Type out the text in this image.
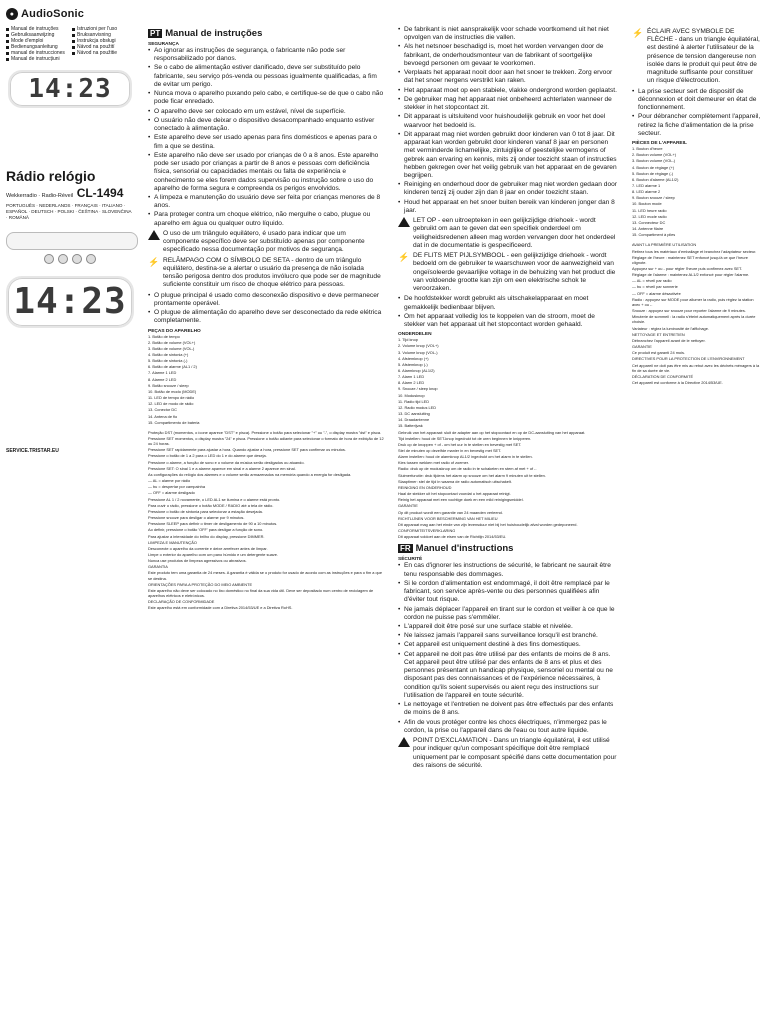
● AudioSonic
Manual de instruções
Gebruiksaanwijzing
Mode d'emploi
Bedienungsanleitung
manual de instrucciones
Manual de instrucțiuni
Istruzioni per l'uso
Bruksanvisning
Instrukcja obsługi
Návod na použití
Návod na použitie
14:23
Rádio relógio
Wekkerradio · Radio-Réveil CL-1494
PORTUGUÊS · NEDERLANDS · FRANÇAIS · ITALIANO · ESPAÑOL · DEUTSCH · POLSKI · ČEŠTINA · SLOVENČINA · ROMÂNĂ
14:23
SERVICE.TRISTAR.EU
PT Manual de instruções
SEGURANÇA

• Ao ignorar as instruções de segurança, o fabricante não pode ser responsabilizado por danos.

• Se o cabo de alimentação estiver danificado, deve ser substituído pelo fabricante, seu serviço pós-venda ou pessoas igualmente qualificadas, a fim de evitar um perigo.

• Nunca mova o aparelho puxando pelo cabo, e certifique-se de que o cabo não pode ficar enredado.

• O aparelho deve ser colocado em um estável, nível de superfície.

• O usuário não deve deixar o dispositivo desacompanhado enquanto estiver conectado à alimentação.

• Este aparelho deve ser usado apenas para fins domésticos e apenas para o fim a que se destina.

• Este aparelho não deve ser usado por crianças de 0 a 8 anos. Este aparelho pode ser usado por crianças a partir de 8 anos e pessoas com deficiência física, sensorial ou capacidades mentais ou falta de experiência e conhecimento se eles forem dados supervisão ou instrução sobre o uso do aparelho de forma segura e compreenda os perigos envolvidos.

• A limpeza e manutenção do usuário deve ser feita por crianças menores de 8 anos.

• Para proteger contra um choque elétrico, não mergulhe o cabo, plugue ou aparelho em água ou qualquer outro líquido.

O uso de um triângulo equilátero, é usado para indicar que um componente específico deve ser substituído apenas por componente especificado nessa documentação por motivos de segurança.
⚡ RELÂMPAGO COM O SÍMBOLO DE SETA - dentro de um triângulo equilátero, destina-se a alertar o usuário da presença de não isolada tensão perigosa dentro dos produtos invólucro que pode ser de magnitude suficiente constituir um risco de choque elétrico para pessoas.

• O plugue principal é usado como desconexão dispositivo e deve permanecer prontamente operável.

• O plugue de alimentação do aparelho deve ser desconectado da rede elétrica completamente.

PEÇAS DO APARELHO

1. Botão de tempo

2. Botão de volume (VOL+)

3. Botão de volume (VOL-)

4. Botão de sintonia (+)

5. Botão de sintonia (-)

6. Botão de alarme (AL1 / 2)

7. Alarme 1 LED

8. Alarme 2 LED

9. Botão snooze / sleep

10. Botão de modo (MODE)

11. LED de tempo de rádio

12. LED de modo de rádio

13. Conector DC

14. Antena de fio

15. Compartimento de bateria

Proteção DST (momentos, o ícone aparece "DST" e pisca). Pressione o botão para selecionar "+" ou "-", o display mostra "dst" e pisca.

Pressione SET momentos, o display mostra "24" e pisca. Pressione o botão adiante para selecionar o formato de hora de exibição de 12 ou 24 horas.

Pressione SET rapidamente para ajustar a hora. Quando ajustar a hora, pressione SET para confirmar os minutos.

Pressione o botão de 1 a 2 para o LED do 1 e do alarme que deseja.

Pressione o alarme, a função de sono e o volume da música serão desligados ou atuando.

Pressione SET: O sinal 1 e a alarme aparece em sinal e a alarme 2 aparece em sinal.

As configurações do relógio dos alarmes e o volume serão armazenados na memória quando a energia for desligada.

— AL = alarme por rádio

— bu = despertar por campainha

— OFF = alarme desligado

Pressione AL 1 / 2 novamente, o LED AL1 se ilumina e o alarme está pronto.

Para ouvir o rádio, pressione o botão MODE / RADIO até a tela de rádio.

Pressione o botão de sintonia para selecionar a estação desejada.

Pressione snooze para desligar o alarme por 9 minutos.

Pressione SLEEP para definir o timer de desligamento de 90 a 10 minutos.

Ao definir, pressione o botão 'OFF' para desligar a função de sono.

Para ajustar a intensidade do brilho do display, pressione DIMMER.

LIMPEZA E MANUTENÇÃO

Desconecte o aparelho da corrente e deixe arrefecer antes de limpar.

Limpe o exterior do aparelho com um pano húmido e um detergente suave.

Nunca use produtos de limpeza agressivos ou abrasivos.

GARANTIA

Este produto tem uma garantia de 24 meses. A garantia é válida se o produto for usado de acordo com as instruções e para o fim a que se destina.

ORIENTAÇÕES PARA A PROTEÇÃO DO MEIO AMBIENTE

Este aparelho não deve ser colocado no lixo doméstico no final da sua vida útil. Deve ser depositado num centro de reciclagem de aparelhos elétricos e eletrónicos.

DECLARAÇÃO DE CONFORMIDADE

Este aparelho está em conformidade com a Diretiva 2014/53/UE e a Diretiva RoHS.

• De fabrikant is niet aansprakelijk voor schade voortkomend uit het niet opvolgen van de instructies die vallen.

• Als het netsnoer beschadigd is, moet het worden vervangen door de fabrikant, de onderhoudsmonteur van de fabrikant of soortgelijke bevoegd personen om gevaar te voorkomen.

• Verplaats het apparaat nooit door aan het snoer te trekken. Zorg ervoor dat het snoer nergens verstrikt kan raken.

• Het apparaat moet op een stabiele, vlakke ondergrond worden geplaatst.

• De gebruiker mag het apparaat niet onbeheerd achterlaten wanneer de stekker in het stopcontact zit.

• Dit apparaat is uitsluitend voor huishoudelijk gebruik en voor het doel waarvoor het bedoeld is.

• Dit apparaat mag niet worden gebruikt door kinderen van 0 tot 8 jaar. Dit apparaat kan worden gebruikt door kinderen vanaf 8 jaar en personen met verminderde lichamelijke, zintuiglijke of geestelijke vermogens of gebrek aan ervaring en kennis, mits zij onder toezicht staan of instructies hebben gekregen over het veilig gebruik van het apparaat en de gevaren begrijpen.

• Reiniging en onderhoud door de gebruiker mag niet worden gedaan door kinderen tenzij zij ouder zijn dan 8 jaar en onder toezicht staan.

• Houd het apparaat en het snoer buiten bereik van kinderen jonger dan 8 jaar.

LET OP - een uitroepteken in een gelijkzijdige driehoek - wordt gebruikt om aan te geven dat een specifiek onderdeel om veiligheidsredenen alleen mag worden vervangen door het onderdeel dat in de documentatie is gespecificeerd.
⚡ DE FLITS MET PIJLSYMBOOL - een gelijkzijdige driehoek - wordt bedoeld om de gebruiker te waarschuwen voor de aanwezigheid van ongeïsoleerde gevaarlijke voltage in de behuizing van het product die van voldoende grootte kan zijn om een elektrische schok te veroorzaken.

• De hoofdstekker wordt gebruikt als uitschakelapparaat en moet gemakkelijk bedienbaar blijven.

• Om het apparaat volledig los te koppelen van de stroom, moet de stekker van het apparaat uit het stopcontact worden gehaald.

ONDERDELEN

1. Tijd knop

2. Volume knop (VOL+)

3. Volume knop (VOL-)

4. Afstemknop (+)

5. Afstemknop (-)

6. Alarmknop (AL1/2)

7. Alarm 1 LED

8. Alarm 2 LED

9. Snooze / sleep knop

10. Modusknop

11. Radio tijd LED

12. Radio modus LED

13. DC aansluiting

14. Draadantenne

15. Batterijvak

Gebruik van het apparaat: sluit de adapter aan op het stopcontact en op de DC-aansluiting van het apparaat.

Tijd instellen: houd de SET-knop ingedrukt tot de uren beginnen te knipperen.

Druk op de knoppen + of - om het uur in te stellen en bevestig met SET.

Stel de minuten op dezelfde manier in en bevestig met SET.

Alarm instellen: houd de alarmknop AL1/2 ingedrukt om het alarm in te stellen.

Kies tussen wekken met radio of zoemer.

Radio: druk op de modusknop om de radio in te schakelen en stem af met + of -.

Sluimerfunctie: druk tijdens het alarm op snooze om het alarm 9 minuten uit te stellen.

Slaaptimer: stel de tijd in waarna de radio automatisch uitschakelt.

REINIGING EN ONDERHOUD

Haal de stekker uit het stopcontact voordat u het apparaat reinigt.

Reinig het apparaat met een vochtige doek en een mild reinigingsmiddel.

GARANTIE

Op dit product wordt een garantie van 24 maanden verleend.

RICHTLIJNEN VOOR BESCHERMING VAN HET MILIEU

Dit apparaat mag aan het einde van zijn levensduur niet bij het huishoudelijk afval worden gedeponeerd.

CONFORMITEITSVERKLARING

Dit apparaat voldoet aan de eisen van de Richtlijn 2014/53/EU.

FR Manuel d'instructions
SÉCURITÉ

• En cas d'ignorer les instructions de sécurité, le fabricant ne saurait être tenu responsable des dommages.

• Si le cordon d'alimentation est endommagé, il doit être remplacé par le fabricant, son service après-vente ou des personnes qualifiées afin d'éviter tout risque.

• Ne jamais déplacer l'appareil en tirant sur le cordon et veiller à ce que le cordon ne puisse pas s'emmêler.

• L'appareil doit être posé sur une surface stable et nivelée.

• Ne laissez jamais l'appareil sans surveillance lorsqu'il est branché.

• Cet appareil est uniquement destiné à des fins domestiques.

• Cet appareil ne doit pas être utilisé par des enfants de moins de 8 ans. Cet appareil peut être utilisé par des enfants de 8 ans et plus et des personnes présentant un handicap physique, sensoriel ou mental ou ne disposant pas des connaissances et de l'expérience nécessaires, à condition qu'ils soient supervisés ou aient reçu des instructions sur l'utilisation de l'appareil en toute sécurité.

• Le nettoyage et l'entretien ne doivent pas être effectués par des enfants de moins de 8 ans.

• Afin de vous protéger contre les chocs électriques, n'immergez pas le cordon, la prise ou l'appareil dans de l'eau ou tout autre liquide.

POINT D'EXCLAMATION - Dans un triangle équilatéral, il est utilisé pour indiquer qu'un composant spécifique doit être remplacé uniquement par le composant spécifié dans cette documentation pour des raisons de sécurité.
⚡ ÉCLAIR AVEC SYMBOLE DE FLÈCHE - dans un triangle équilatéral, est destiné à alerter l'utilisateur de la présence de tension dangereuse non isolée dans le produit qui peut être de magnitude suffisante pour constituer un risque d'électrocution.

• La prise secteur sert de dispositif de déconnexion et doit demeurer en état de fonctionnement.

• Pour débrancher complètement l'appareil, retirez la fiche d'alimentation de la prise secteur.

PIÈCES DE L'APPAREIL

1. Bouton d'heure

2. Bouton volume (VOL+)

3. Bouton volume (VOL-)

4. Bouton de réglage (+)

5. Bouton de réglage (-)

6. Bouton d'alarme (AL1/2)

7. LED alarme 1

8. LED alarme 2

9. Bouton snooze / sleep

10. Bouton mode

11. LED heure radio

12. LED mode radio

13. Connecteur DC

14. Antenne filaire

15. Compartiment à piles

AVANT LA PREMIÈRE UTILISATION

Retirez tous les matériaux d'emballage et branchez l'adaptateur secteur.

Réglage de l'heure : maintenez SET enfoncé jusqu'à ce que l'heure clignote.

Appuyez sur + ou - pour régler l'heure puis confirmez avec SET.

Réglage de l'alarme : maintenez AL1/2 enfoncé pour régler l'alarme.

— AL = réveil par radio

— bu = réveil par sonnerie

— OFF = alarme désactivée

Radio : appuyez sur MODE pour allumer la radio, puis réglez la station avec + ou -.

Snooze : appuyez sur snooze pour reporter l'alarme de 9 minutes.

Minuterie de sommeil : la radio s'éteint automatiquement après la durée choisie.

Variateur : réglez la luminosité de l'affichage.

NETTOYAGE ET ENTRETIEN

Débranchez l'appareil avant de le nettoyer.

GARANTIE

Ce produit est garanti 24 mois.

DIRECTIVES POUR LA PROTECTION DE L'ENVIRONNEMENT

Cet appareil ne doit pas être mis au rebut avec les déchets ménagers à la fin de sa durée de vie.

DÉCLARATION DE CONFORMITÉ

Cet appareil est conforme à la Directive 2014/53/UE.
